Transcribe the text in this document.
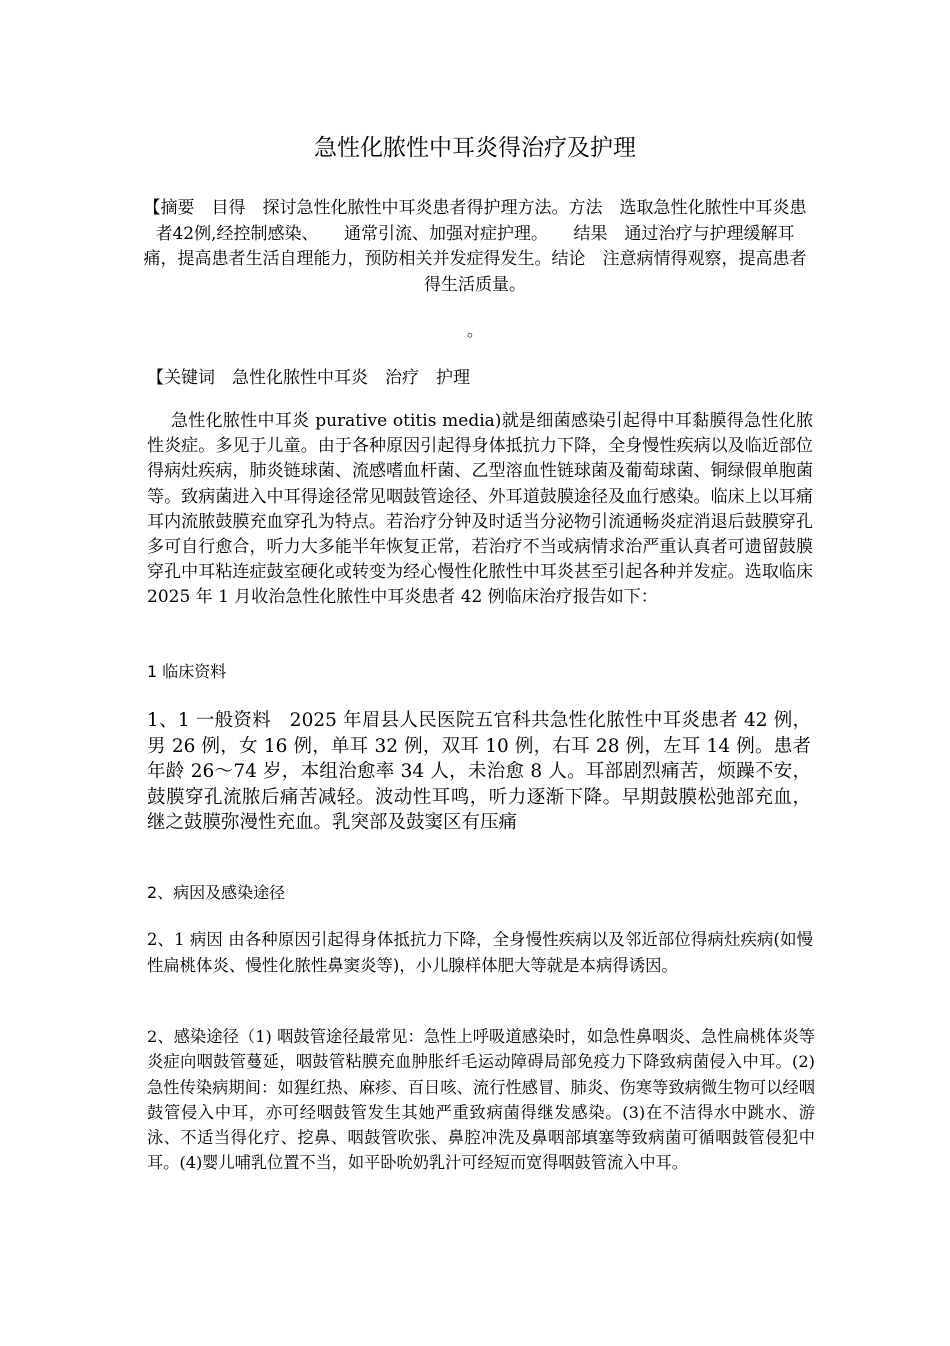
急性化脓性中耳炎得治疗及护理
【摘要　目得　探讨急性化脓性中耳炎患者得护理方法。方法　选取急性化脓性中耳炎患者42例,经控制感染、　　通常引流、加强对症护理。　　结果　通过治疗与护理缓解耳痛，提高患者生活自理能力，预防相关并发症得发生。结论　注意病情得观察，提高患者得生活质量。
。
【关键词　急性化脓性中耳炎　治疗　护理
急性化脓性中耳炎 purative otitis media)就是细菌感染引起得中耳黏膜得急性化脓性炎症。多见于儿童。由于各种原因引起得身体抵抗力下降，全身慢性疾病以及临近部位得病灶疾病，肺炎链球菌、流感嗜血杆菌、乙型溶血性链球菌及葡萄球菌、铜绿假单胞菌等。致病菌进入中耳得途径常见咽鼓管途径、外耳道鼓膜途径及血行感染。临床上以耳痛耳内流脓鼓膜充血穿孔为特点。若治疗分钟及时适当分泌物引流通畅炎症消退后鼓膜穿孔多可自行愈合，听力大多能半年恢复正常，若治疗不当或病情求治严重认真者可遗留鼓膜穿孔中耳粘连症鼓室硬化或转变为经心慢性化脓性中耳炎甚至引起各种并发症。选取临床 2025 年 1 月收治急性化脓性中耳炎患者 42 例临床治疗报告如下：
1 临床资料
1、1 一般资料　2025 年眉县人民医院五官科共急性化脓性中耳炎患者 42 例，男 26 例，女 16 例，单耳 32 例，双耳 10 例，右耳 28 例，左耳 14 例。患者年龄 26～74 岁，本组治愈率 34 人，未治愈 8 人。耳部剧烈痛苦，烦躁不安，鼓膜穿孔流脓后痛苦减轻。波动性耳鸣，听力逐渐下降。早期鼓膜松弛部充血，继之鼓膜弥漫性充血。乳突部及鼓窦区有压痛
2、病因及感染途径
2、1 病因 由各种原因引起得身体抵抗力下降，全身慢性疾病以及邻近部位得病灶疾病(如慢性扁桃体炎、慢性化脓性鼻窦炎等)，小儿腺样体肥大等就是本病得诱因。
2、感染途径（1) 咽鼓管途径最常见：急性上呼吸道感染时，如急性鼻咽炎、急性扁桃体炎等炎症向咽鼓管蔓延，咽鼓管粘膜充血肿胀纤毛运动障碍局部免疫力下降致病菌侵入中耳。(2)急性传染病期间：如猩红热、麻疹、百日咳、流行性感冒、肺炎、伤寒等致病微生物可以经咽鼓管侵入中耳，亦可经咽鼓管发生其她严重致病菌得继发感染。(3)在不洁得水中跳水、游泳、不适当得化疗、挖鼻、咽鼓管吹张、鼻腔冲洗及鼻咽部填塞等致病菌可循咽鼓管侵犯中耳。(4)婴儿哺乳位置不当，如平卧吮奶乳汁可经短而宽得咽鼓管流入中耳。
